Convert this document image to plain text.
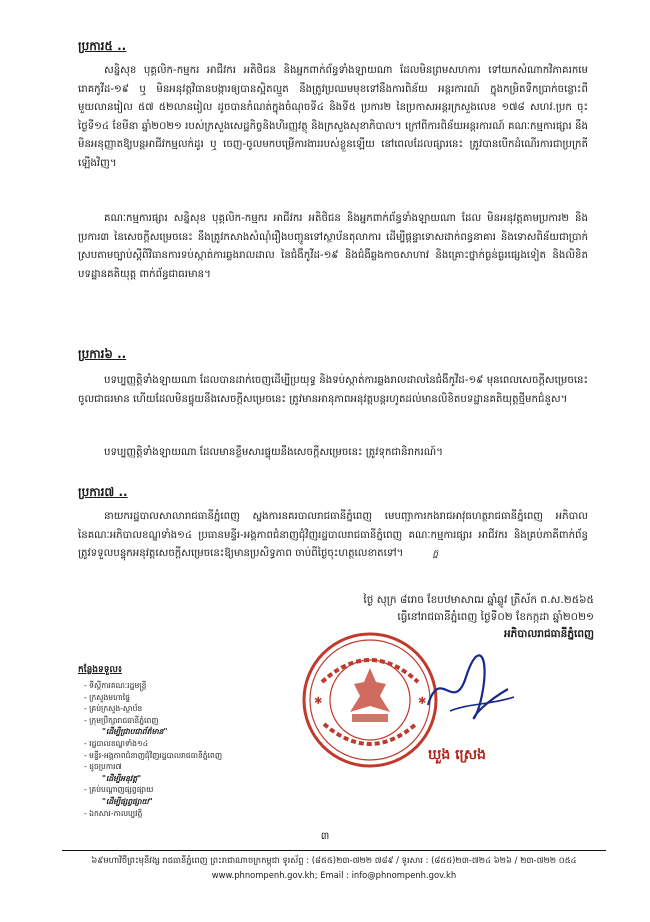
ប្រការ៥ ..
សន្និសុខ បុគ្គលិក-កម្មករ អាជីវករ អតិថិជន និងអ្នកពាក់ព័ន្ធទាំងឡាយណា ដែលមិនព្រមសហការ ទៅយកសំណាកវិភាគរកមេរោគកូវីដ-១៩ ឬ មិនអនុវត្តវិធានបង្ការឲ្យបានស្អិតល្មួត នឹងត្រូវប្រឈមមុខទៅនឹងការពិន័យ អន្តរការណ៍ ក្នុងកម្រិតទឹកប្រាក់ចន្លោះពី មួយលានរៀល ៥៧ ៥២លានរៀល ដូចបានកំណត់ក្នុងចំណុចទី៤ និងទី៥ ប្រការ២ នៃប្រកាសអន្តរក្រសួងលេខ ១៧៨ សហវ.ប្រក ចុះថ្ងៃទី១៤ ខែមីនា ឆ្នាំ២០២១ របស់ក្រសួងសេដ្ឋកិច្ចនិងហិរញ្ញវត្ថុ និងក្រសួងសុខាភិបាល។ ក្រៅពីការពិន័យអន្តរការណ៍ គណៈកម្មការផ្សារ នឹងមិនអនុញ្ញាតឱ្យបន្តអាជីវកម្មលក់ដូរ ឬ ចេញ-ចូលមកបម្រើការងាររបស់ខ្លួនឡើយ នៅពេលដែលផ្សារនេះ ត្រូវបានបើកដំណើរការជាប្រក្រតីឡើងវិញ។
គណៈកម្មការផ្សារ សន្និសុខ បុគ្គលិក-កម្មករ អាជីវករ អតិថិជន និងអ្នកពាក់ព័ន្ធទាំងឡាយណា ដែល មិនអនុវត្តតាមប្រការ២ និងប្រការ៣ នៃសេចក្ដីសម្រេចនេះ នឹងត្រូវកសាងសំណុំរឿងបញ្ជូនទៅស្ថាប័នតុលាការ ដើម្បីផ្តន្ទាទោសដាក់ពន្ធនាគារ និងទោសពិន័យជាប្រាក់ ស្របតាមច្បាប់ស្ដីពីវិធានការទប់ស្កាត់ការឆ្លងរាលដាល នៃជំងឺកូវីដ-១៩ និងជំងឺឆ្លងកាចសាហាវ និងគ្រោះថ្នាក់ធ្ងន់ធ្ងរផ្សេងទៀត និងលិខិតបទដ្ឋានគតិយុត្ត ពាក់ព័ន្ធជាធរមាន។
ប្រការ៦ ..
បទប្បញ្ញត្តិទាំងឡាយណា ដែលបានដាក់ចេញដើម្បីប្រយុទ្ធ និងទប់ស្កាត់ការឆ្លងរាលដាលនៃជំងឺកូវីដ-១៩ មុនពេលសេចក្ដីសម្រេចនេះចូលជាធរមាន ហើយដែលមិនផ្ទុយនឹងសេចក្ដីសម្រេចនេះ ត្រូវមានអានុភាពអនុវត្តបន្តរហូតដល់មានលិខិតបទដ្ឋានគតិយុត្តថ្មីមកជំនួស។
បទប្បញ្ញត្តិទាំងឡាយណា ដែលមានខ្លឹមសារផ្ទុយនឹងសេចក្ដីសម្រេចនេះ ត្រូវទុកជានិរាករណ៍។
ប្រការ៧ ..
នាយករដ្ឋបាលសាលារាជធានីភ្នំពេញ ស្នងការនគរបាលរាជធានីភ្នំពេញ មេបញ្ជាការកងរាជអាវុធហត្ថរាជធានីភ្នំពេញ អភិបាល នៃគណៈអភិបាលខណ្ឌទាំង១៤ ប្រធានមន្ទីរ-អង្គភាពជំនាញជុំវិញរដ្ឋបាលរាជធានីភ្នំពេញ គណៈកម្មការផ្សារ អាជីវករ និងគ្រប់ភាគីពាក់ព័ន្ធ ត្រូវទទួលបន្ទុកអនុវត្តសេចក្ដីសម្រេចនេះឱ្យមានប្រសិទ្ធភាព ចាប់ពីថ្ងៃចុះហត្ថលេខាតទៅ។	ក្ឋ
ថ្ងៃ សុក្រ ៨រោច ខែបឋមាសាឍ ឆ្នាំឆ្លូវ ត្រីស័ក ព.ស.២៥៦៥
ធ្វើនៅរាជធានីភ្នំពេញ ថ្ងៃទី០២ ខែកក្កដា ឆ្នាំ២០២១
អភិបាលរាជធានីភ្នំពេញ
✱	✱
ឃួង ស្រេង
កន្លែងទទួល៖
- ទីស្តីការគណៈរដ្ឋមន្ត្រី
- ក្រសួងមហាផ្ទៃ
- គ្រប់ក្រសួង-ស្ថាប័ន
- ក្រុមប្រឹក្សារាជធានីភ្នំពេញ
"ដើម្បីជ្រាបជាព័ត៌មាន"
- រដ្ឋបាលខណ្ឌទាំង១៤
- មន្ទីរ-អង្គភាពជំនាញជុំវិញរដ្ឋបាលរាជធានីភ្នំពេញ
- ដូចប្រការ៧
"ដើម្បីអនុវត្ត"
- គ្រប់បណ្តាញផ្សព្វផ្សាយ
"ដើម្បីផ្សព្វផ្សាយ"
- ឯកសារ-កាលប្បវត្តិ
៣
៦៩មហាវិថីព្រះមុនីវង្ស រាជធានីភ្នំពេញ ព្រះរាជាណាចក្រកម្ពុជា ទូរស័ព្ទ : (៨៥៥)២៣-៧២២ ៧៨៩ / ទូរសារ : (៨៥៥)២៣-៧២៤ ៦២៦ / ២៣-៧២២ ០៥៤
www.phnompenh.gov.kh; Email : info@phnompenh.gov.kh
